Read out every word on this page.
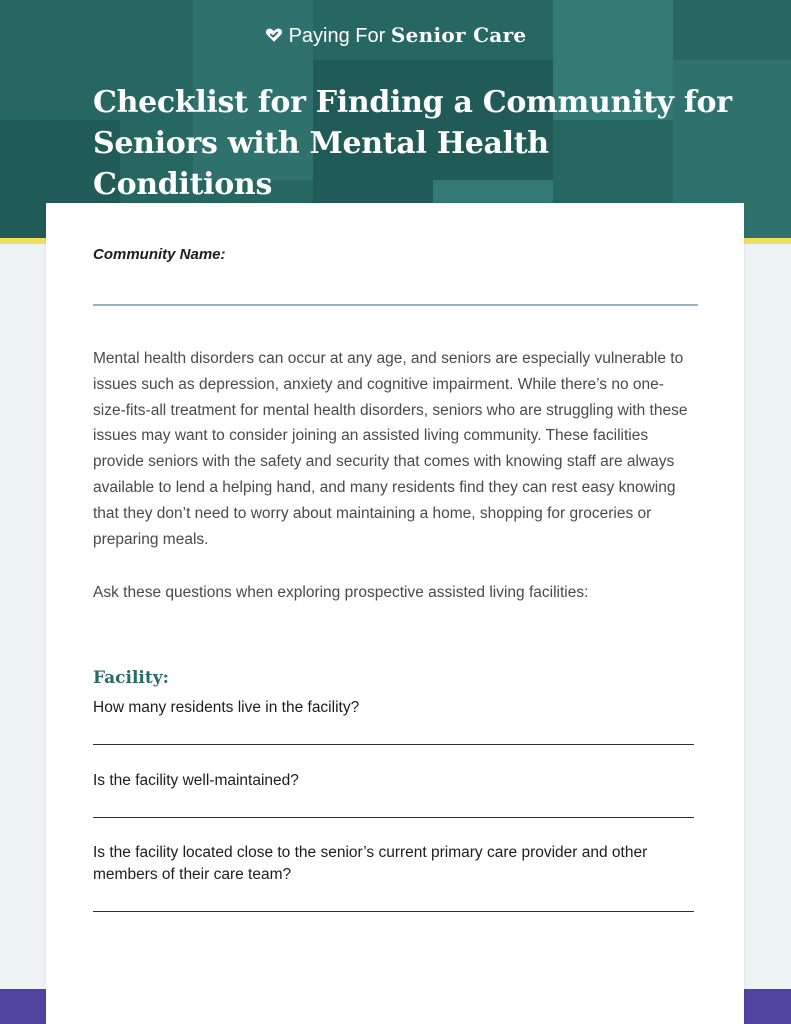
Paying For Senior Care
Checklist for Finding a Community for Seniors with Mental Health Conditions
Community Name:

Mental health disorders can occur at any age, and seniors are especially vulnerable to issues such as depression, anxiety and cognitive impairment. While there’s no one-size-fits-all treatment for mental health disorders, seniors who are struggling with these issues may want to consider joining an assisted living community. These facilities provide seniors with the safety and security that comes with knowing staff are always available to lend a helping hand, and many residents find they can rest easy knowing that they don’t need to worry about maintaining a home, shopping for groceries or preparing meals.

Ask these questions when exploring prospective assisted living facilities:

Facility:

How many residents live in the facility?

Is the facility well-maintained?

Is the facility located close to the senior’s current primary care provider and other members of their care team?
